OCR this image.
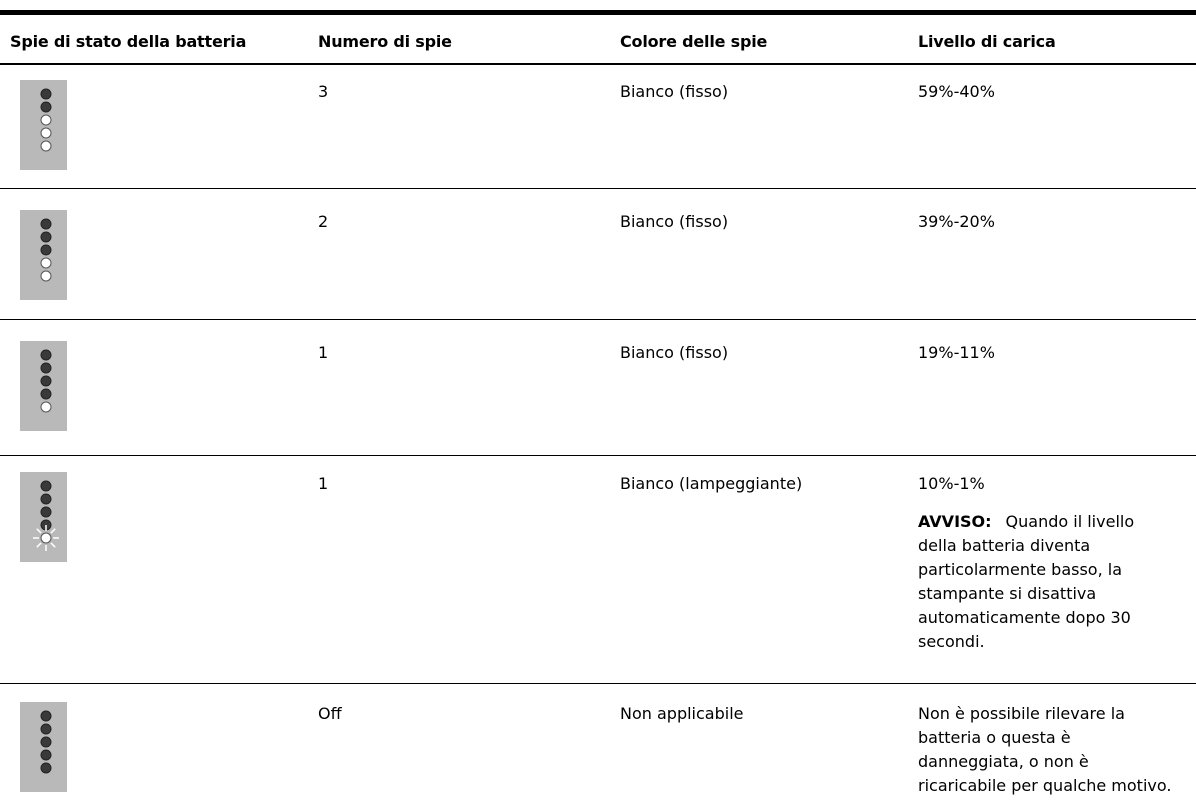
Spie di stato della batteria	Numero di spie	Colore delle spie	Livello di carica
3	Bianco (fisso)	59%-40%
2	Bianco (fisso)	39%-20%
1	Bianco (fisso)	19%-11%
1	Bianco (lampeggiante)	10%-1%
AVVISO: Quando il livello
della batteria diventa
particolarmente basso, la
stampante si disattiva
automaticamente dopo 30
secondi.
Off	Non applicabile	Non è possibile rilevare la
batteria o questa è
danneggiata, o non è
ricaricabile per qualche motivo.
